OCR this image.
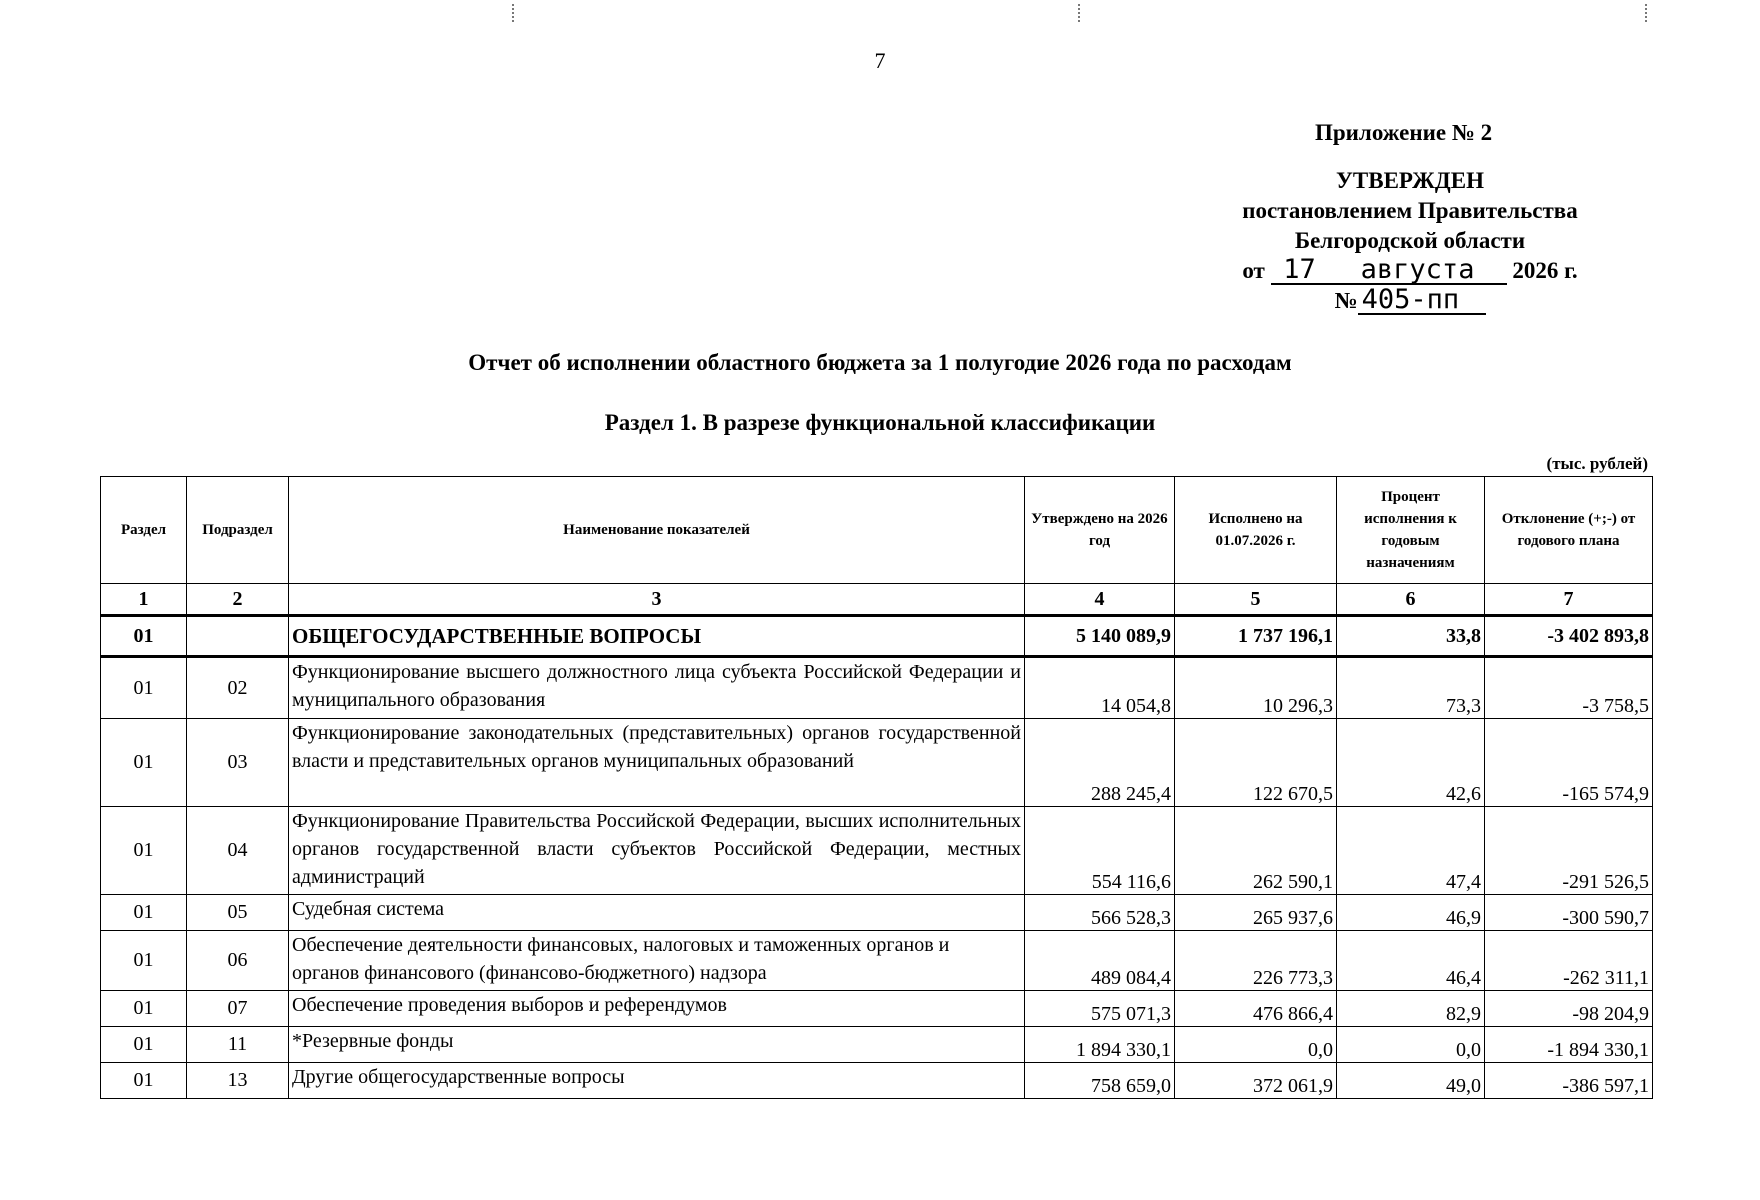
7
Приложение № 2
УТВЕРЖДЕН
постановлением Правительства
Белгородской области
от 17 августа 2026 г.
№ 405-пп
Отчет об исполнении областного бюджета за 1 полугодие 2026 года по расходам
Раздел 1. В разрезе функциональной классификации
(тыс. рублей)
Раздел	Подраздел	Наименование показателей	Утверждено на 2026 год	Исполнено на 01.07.2026 г.	Процент исполнения к годовым назначениям	Отклонение (+;-) от годового плана
1	2	3	4	5	6	7
01		ОБЩЕГОСУДАРСТВЕННЫЕ ВОПРОСЫ	5 140 089,9	1 737 196,1	33,8	-3 402 893,8
01	02	Функционирование высшего должностного лица субъекта Российской Федерации и муниципального образования	14 054,8	10 296,3	73,3	-3 758,5
01	03	Функционирование законодательных (представительных) органов государственной власти и представительных органов муниципальных образований	288 245,4	122 670,5	42,6	-165 574,9
01	04	Функционирование Правительства Российской Федерации, высших исполнительных органов государственной власти субъектов Российской Федерации, местных администраций	554 116,6	262 590,1	47,4	-291 526,5
01	05	Судебная система	566 528,3	265 937,6	46,9	-300 590,7
01	06	Обеспечение деятельности финансовых, налоговых и таможенных органов и органов финансового (финансово-бюджетного) надзора	489 084,4	226 773,3	46,4	-262 311,1
01	07	Обеспечение проведения выборов и референдумов	575 071,3	476 866,4	82,9	-98 204,9
01	11	*Резервные фонды	1 894 330,1	0,0	0,0	-1 894 330,1
01	13	Другие общегосударственные вопросы	758 659,0	372 061,9	49,0	-386 597,1
